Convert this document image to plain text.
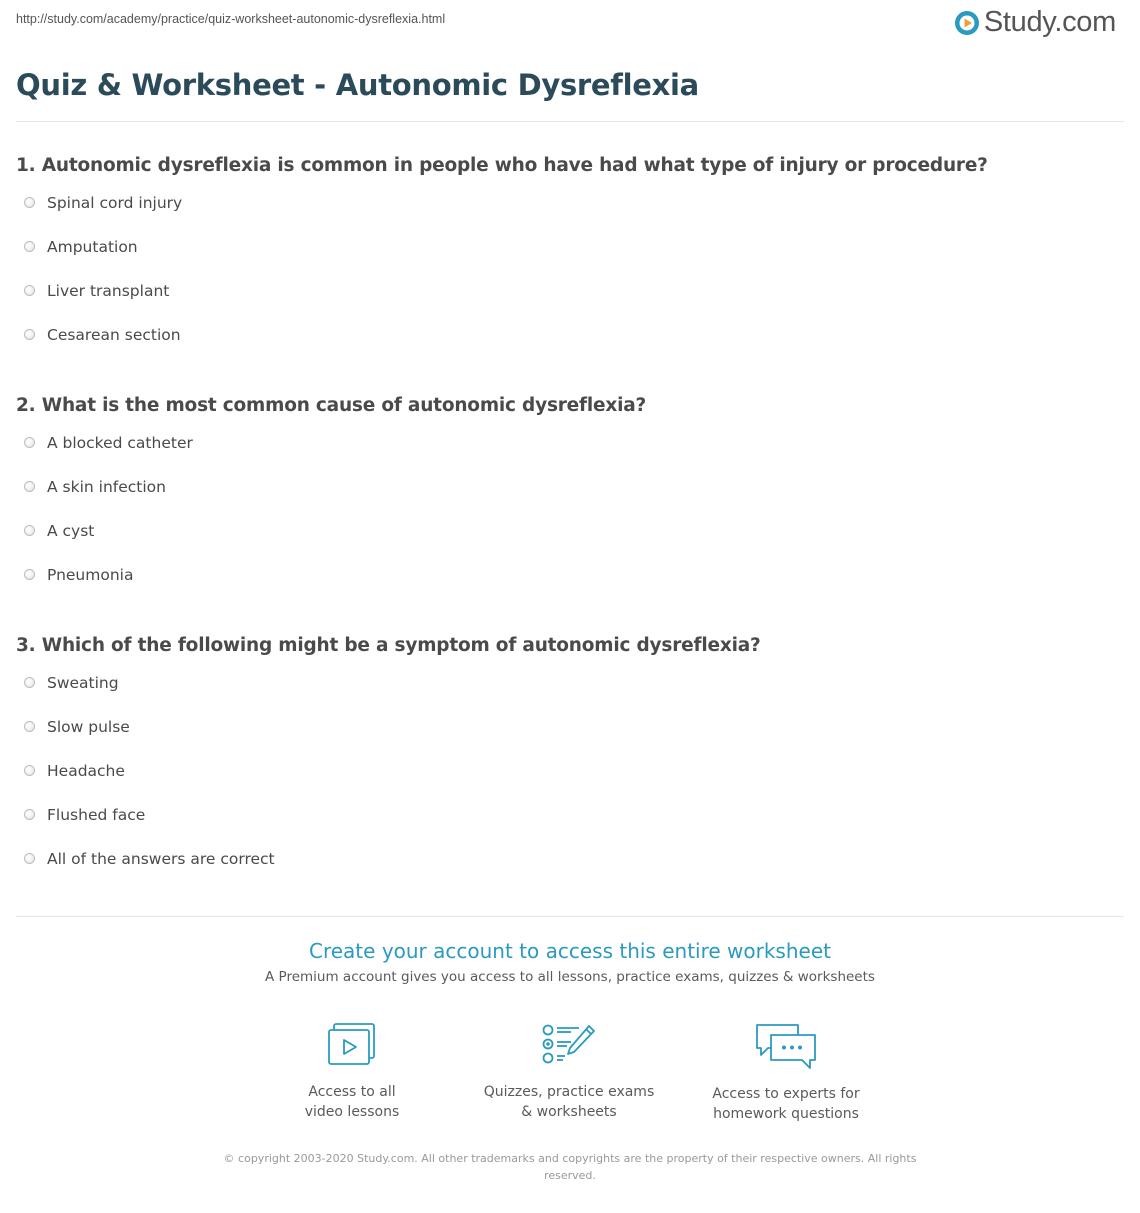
http://study.com/academy/practice/quiz-worksheet-autonomic-dysreflexia.html	Study.com
Quiz & Worksheet - Autonomic Dysreflexia
1. Autonomic dysreflexia is common in people who have had what type of injury or procedure?
Spinal cord injury
Amputation
Liver transplant
Cesarean section
2. What is the most common cause of autonomic dysreflexia?
A blocked catheter
A skin infection
A cyst
Pneumonia
3. Which of the following might be a symptom of autonomic dysreflexia?
Sweating
Slow pulse
Headache
Flushed face
All of the answers are correct
Create your account to access this entire worksheet
A Premium account gives you access to all lessons, practice exams, quizzes & worksheets
Access to all
video lessons
Quizzes, practice exams
& worksheets
Access to experts for
homework questions
© copyright 2003-2020 Study.com. All other trademarks and copyrights are the property of their respective owners. All rights reserved.
